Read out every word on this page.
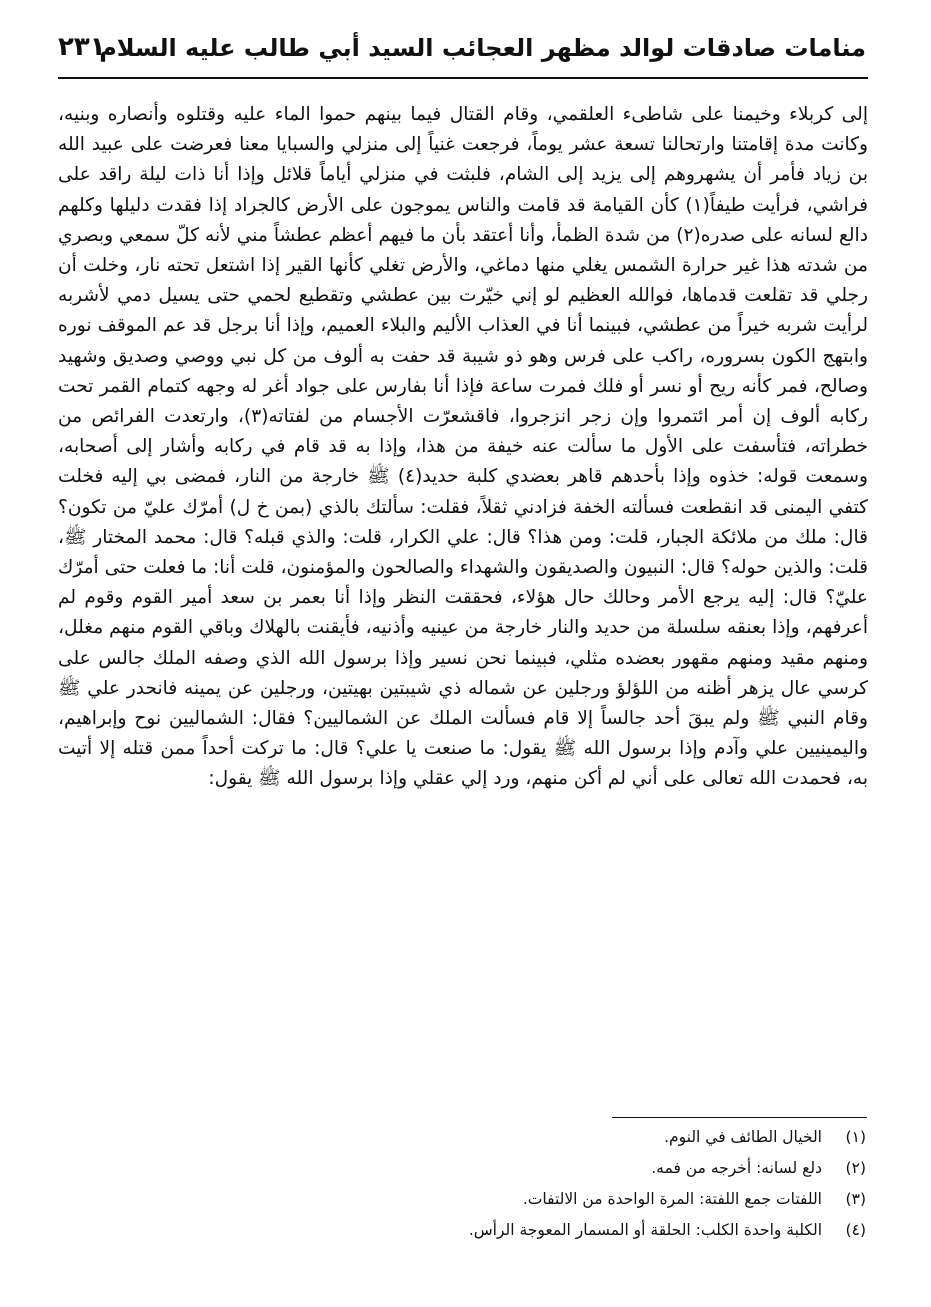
منامات صادقات لوالد مظهر العجائب السيد أبي طالب عليه السلام
٢٣١

إلى كربلاء وخيمنا على شاطىء العلقمي، وقام القتال فيما بينهم حموا الماء عليه وقتلوه وأنصاره وبنيه، وكانت مدة إقامتنا وارتحالنا تسعة عشر يوماً، فرجعت غنياً إلى منزلي والسبايا معنا فعرضت على عبيد الله بن زياد فأمر أن يشهروهم إلى يزيد إلى الشام، فلبثت في منزلي أياماً قلائل وإذا أنا ذات ليلة راقد على فراشي، فرأيت طيفاً(١) كأن القيامة قد قامت والناس يموجون على الأرض كالجراد إذا فقدت دليلها وكلهم دالع لسانه على صدره(٢) من شدة الظمأ، وأنا أعتقد بأن ما فيهم أعظم عطشاً مني لأنه كلّ سمعي وبصري من شدته هذا غير حرارة الشمس يغلي منها دماغي، والأرض تغلي كأنها القير إذا اشتعل تحته نار، وخلت أن رجلي قد تقلعت قدماها، فوالله العظيم لو إني خيّرت بين عطشي وتقطيع لحمي حتى يسيل دمي لأشربه لرأيت شربه خيراً من عطشي، فبينما أنا في العذاب الأليم والبلاء العميم، وإذا أنا برجل قد عم الموقف نوره وابتهج الكون بسروره، راكب على فرس وهو ذو شيبة قد حفت به ألوف من كل نبي ووصي وصديق وشهيد وصالح، فمر كأنه ريح أو نسر أو فلك فمرت ساعة فإذا أنا بفارس على جواد أغر له وجهه كتمام القمر تحت ركابه ألوف إن أمر ائتمروا وإن زجر انزجروا، فاقشعرّت الأجسام من لفتاته(٣)، وارتعدت الفرائص من خطراته، فتأسفت على الأول ما سألت عنه خيفة من هذا، وإذا به قد قام في ركابه وأشار إلى أصحابه، وسمعت قوله: خذوه وإذا بأحدهم قاهر بعضدي كلبة حديد(٤) ﷺ خارجة من النار، فمضى بي إليه فخلت كتفي اليمنى قد انقطعت فسألته الخفة فزادني ثقلاً، فقلت: سألتك بالذي (بمن خ ل) أمرّك عليّ من تكون؟ قال: ملك من ملائكة الجبار، قلت: ومن هذا؟ قال: علي الكرار، قلت: والذي قبله؟ قال: محمد المختار ﷺ، قلت: والذين حوله؟ قال: النبيون والصديقون والشهداء والصالحون والمؤمنون، قلت أنا: ما فعلت حتى أمرّك عليّ؟ قال: إليه يرجع الأمر وحالك حال هؤلاء، فحققت النظر وإذا أنا بعمر بن سعد أمير القوم وقوم لم أعرفهم، وإذا بعنقه سلسلة من حديد والنار خارجة من عينيه وأذنيه، فأيقنت بالهلاك وباقي القوم منهم مغلل، ومنهم مقيد ومنهم مقهور بعضده مثلي، فبينما نحن نسير وإذا برسول الله الذي وصفه الملك جالس على كرسي عال يزهر أظنه من اللؤلؤ ورجلين عن شماله ذي شيبتين بهيتين، ورجلين عن يمينه فانحدر علي ﷺ وقام النبي ﷺ ولم يبقَ أحد جالساً إلا قام فسألت الملك عن الشماليين؟ فقال: الشماليين نوح وإبراهيم، واليمينيين علي وآدم وإذا برسول الله ﷺ يقول: ما صنعت يا علي؟ قال: ما تركت أحداً ممن قتله إلا أتيت به، فحمدت الله تعالى على أني لم أكن منهم، ورد إلي عقلي وإذا برسول الله ﷺ يقول:

(١)الخيال الطائف في النوم.
(٢)دلع لسانه: أخرجه من فمه.
(٣)اللفتات جمع اللفتة: المرة الواحدة من الالتفات.
(٤)الكلبة واحدة الكلب: الحلقة أو المسمار المعوجة الرأس.
